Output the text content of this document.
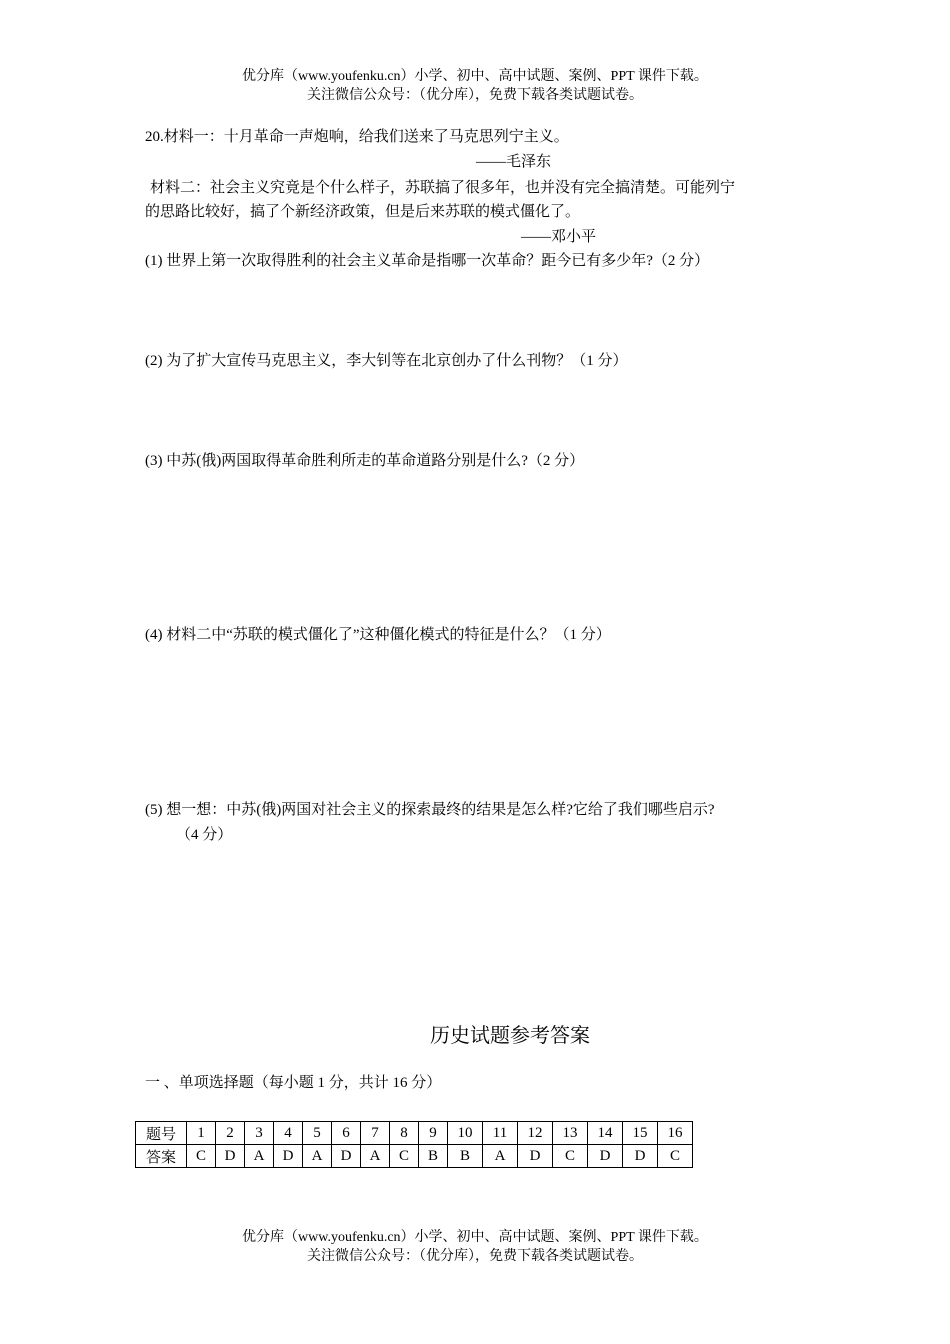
优分库（www.youfenku.cn）小学、初中、高中试题、案例、PPT 课件下载。
关注微信公众号：（优分库），免费下载各类试题试卷。
20.材料一：十月革命一声炮响，给我们送来了马克思列宁主义。
——毛泽东
材料二：社会主义究竟是个什么样子，苏联搞了很多年，也并没有完全搞清楚。可能列宁
的思路比较好，搞了个新经济政策，但是后来苏联的模式僵化了。
——邓小平
(1) 世界上第一次取得胜利的社会主义革命是指哪一次革命？距今已有多少年?（2 分）
(2) 为了扩大宣传马克思主义，李大钊等在北京创办了什么刊物？（1 分）
(3) 中苏(俄)两国取得革命胜利所走的革命道路分别是什么?（2 分）
(4) 材料二中“苏联的模式僵化了”这种僵化模式的特征是什么？（1 分）
(5) 想一想：中苏(俄)两国对社会主义的探索最终的结果是怎么样?它给了我们哪些启示?
（4 分）
历史试题参考答案
一 、单项选择题（每小题 1 分，共计 16 分）
题号	1	2	3	4	5	6	7	8	9	10	11	12	13	14	15	16
答案	C	D	A	D	A	D	A	C	B	B	A	D	C	D	D	C
优分库（www.youfenku.cn）小学、初中、高中试题、案例、PPT 课件下载。
关注微信公众号：（优分库），免费下载各类试题试卷。
